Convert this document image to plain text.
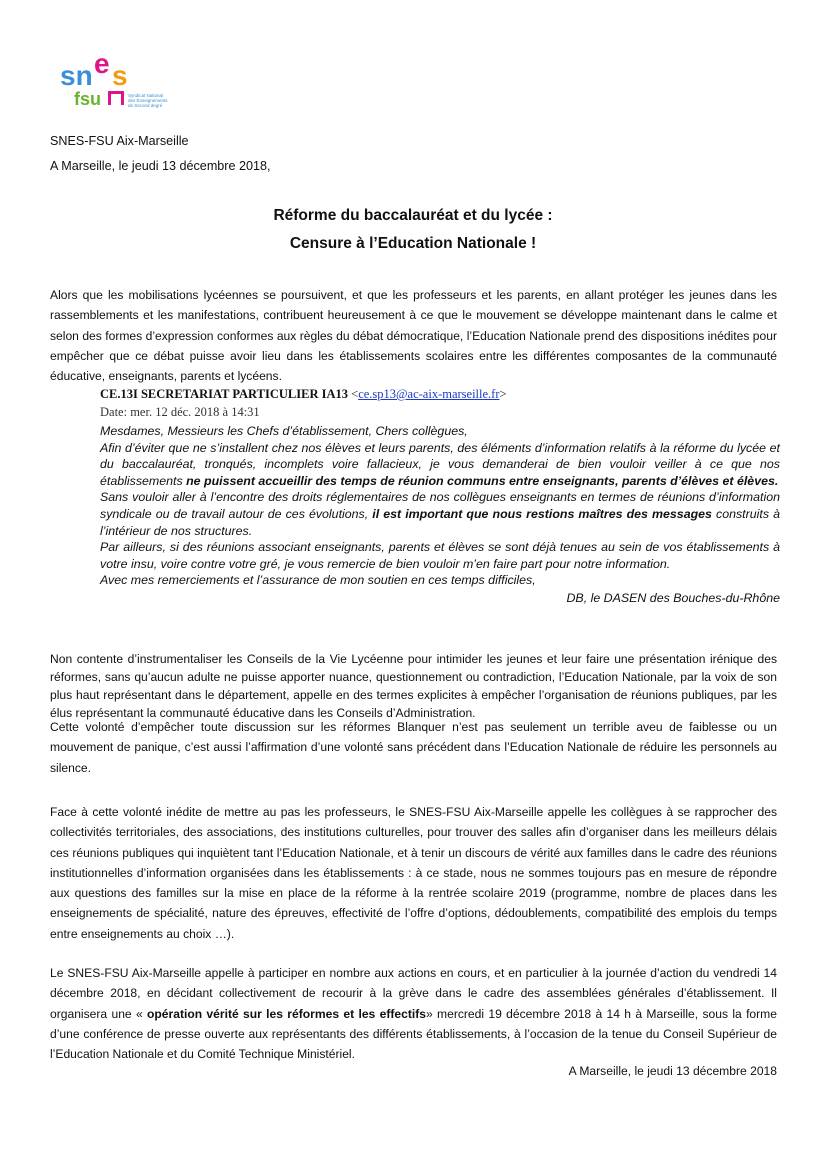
sn e s
fsu	Syndicat National
des Enseignements
de Second degré
SNES-FSU Aix-Marseille
A Marseille, le jeudi 13 décembre 2018,
Réforme du baccalauréat et du lycée :
Censure à l’Education Nationale !
Alors que les mobilisations lycéennes se poursuivent, et que les professeurs et les parents, en allant protéger les jeunes dans les rassemblements et les manifestations, contribuent heureusement à ce que le mouvement se développe maintenant dans le calme et selon des formes d’expression conformes aux règles du débat démocratique, l’Education Nationale prend des dispositions inédites pour empêcher que ce débat puisse avoir lieu dans les établissements scolaires entre les différentes composantes de la communauté éducative, enseignants, parents et lycéens.
CE.13I SECRETARIAT PARTICULIER IA13 <ce.sp13@ac-aix-marseille.fr>
Date: mer. 12 déc. 2018 à 14:31

Mesdames, Messieurs les Chefs d’établissement, Chers collègues,

Afin d’éviter que ne s’installent chez nos élèves et leurs parents, des éléments d’information relatifs à la réforme du lycée et du baccalauréat, tronqués, incomplets voire fallacieux, je vous demanderai de bien vouloir veiller à ce que nos établissements ne puissent accueillir des temps de réunion communs entre enseignants, parents d’élèves et élèves.

Sans vouloir aller à l’encontre des droits réglementaires de nos collègues enseignants en termes de réunions d’information syndicale ou de travail autour de ces évolutions, il est important que nous restions maîtres des messages construits à l’intérieur de nos structures.

Par ailleurs, si des réunions associant enseignants, parents et élèves se sont déjà tenues au sein de vos établissements à votre insu, voire contre votre gré, je vous remercie de bien vouloir m’en faire part pour notre information.

Avec mes remerciements et l’assurance de mon soutien en ces temps difficiles,

DB, le DASEN des Bouches-du-Rhône

Non contente d’instrumentaliser les Conseils de la Vie Lycéenne pour intimider les jeunes et leur faire une présentation irénique des réformes, sans qu’aucun adulte ne puisse apporter nuance, questionnement ou contradiction, l’Education Nationale, par la voix de son plus haut représentant dans le département, appelle en des termes explicites à empêcher l’organisation de réunions publiques, par les élus représentant la communauté éducative dans les Conseils d’Administration.
Cette volonté d’empêcher toute discussion sur les réformes Blanquer n’est pas seulement un terrible aveu de faiblesse ou un mouvement de panique, c’est aussi l’affirmation d’une volonté sans précédent dans l’Education Nationale de réduire les personnels au silence.
Face à cette volonté inédite de mettre au pas les professeurs, le SNES-FSU Aix-Marseille appelle les collègues à se rapprocher des collectivités territoriales, des associations, des institutions culturelles, pour trouver des salles afin d’organiser dans les meilleurs délais ces réunions publiques qui inquiètent tant l’Education Nationale, et à tenir un discours de vérité aux familles dans le cadre des réunions institutionnelles d’information organisées dans les établissements : à ce stade, nous ne sommes toujours pas en mesure de répondre aux questions des familles sur la mise en place de la réforme à la rentrée scolaire 2019 (programme, nombre de places dans les enseignements de spécialité, nature des épreuves, effectivité de l’offre d’options, dédoublements, compatibilité des emplois du temps entre enseignements au choix …).
Le SNES-FSU Aix-Marseille appelle à participer en nombre aux actions en cours, et en particulier à la journée d’action du vendredi 14 décembre 2018, en décidant collectivement de recourir à la grève dans le cadre des assemblées générales d’établissement. Il organisera une « opération vérité sur les réformes et les effectifs» mercredi 19 décembre 2018 à 14 h à Marseille, sous la forme d’une conférence de presse ouverte aux représentants des différents établissements, à l’occasion de la tenue du Conseil Supérieur de l’Education Nationale et du Comité Technique Ministériel.
A Marseille, le jeudi 13 décembre 2018
